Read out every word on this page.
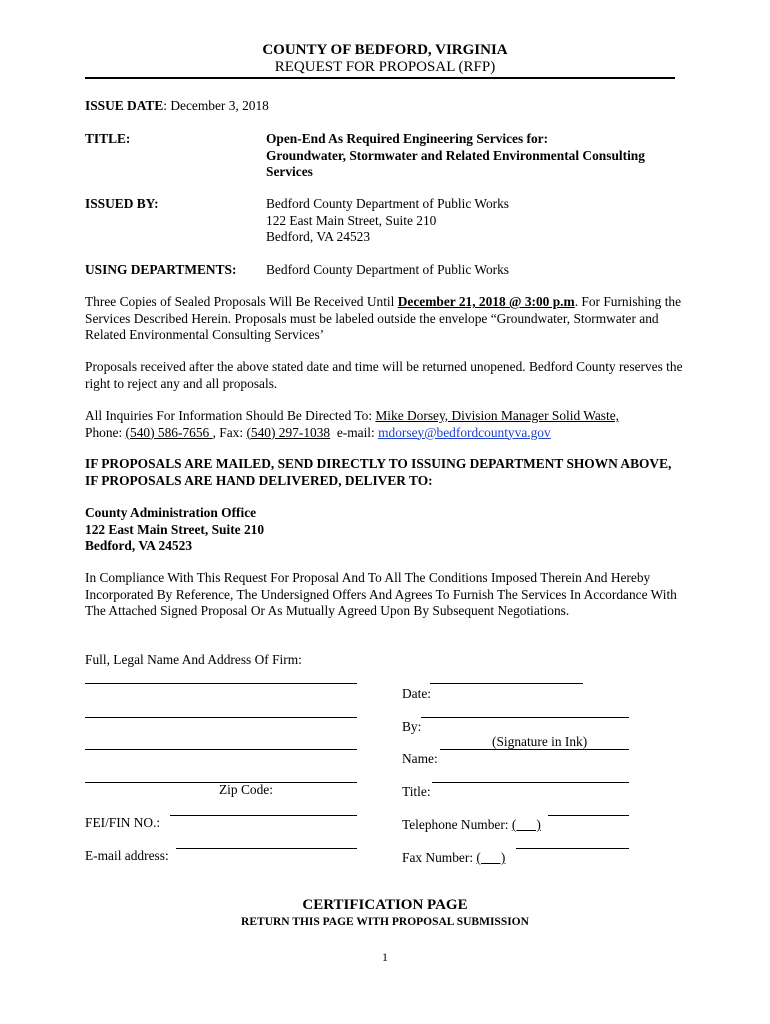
COUNTY OF BEDFORD, VIRGINIA
REQUEST FOR PROPOSAL (RFP)
ISSUE DATE: December 3, 2018
TITLE:	Open-End As Required Engineering Services for:
Groundwater, Stormwater and Related Environmental Consulting
Services
ISSUED BY:	Bedford County Department of Public Works
122 East Main Street, Suite 210
Bedford, VA 24523
USING DEPARTMENTS: Bedford County Department of Public Works
Three Copies of Sealed Proposals Will Be Received Until December 21, 2018 @ 3:00 p.m. For Furnishing the Services Described Herein. Proposals must be labeled outside the envelope “Groundwater, Stormwater and Related Environmental Consulting Services’
Proposals received after the above stated date and time will be returned unopened. Bedford County reserves the right to reject any and all proposals.
All Inquiries For Information Should Be Directed To: Mike Dorsey, Division Manager Solid Waste,
Phone: (540) 586-7656 , Fax: (540) 297-1038  e-mail: mdorsey@bedfordcountyva.gov
IF PROPOSALS ARE MAILED, SEND DIRECTLY TO ISSUING DEPARTMENT SHOWN ABOVE, IF PROPOSALS ARE HAND DELIVERED, DELIVER TO:
County Administration Office
122 East Main Street, Suite 210
Bedford, VA 24523
In Compliance With This Request For Proposal And To All The Conditions Imposed Therein And Hereby Incorporated By Reference, The Undersigned Offers And Agrees To Furnish The Services In Accordance With The Attached Signed Proposal Or As Mutually Agreed Upon By Subsequent Negotiations.
Full, Legal Name And Address Of Firm:
Zip Code:
FEI/FIN NO.:
E-mail address:
Date:
By:
(Signature in Ink)
Name:
Title:
Telephone Number: (      )
Fax Number: (      )
CERTIFICATION PAGE
RETURN THIS PAGE WITH PROPOSAL SUBMISSION
1
